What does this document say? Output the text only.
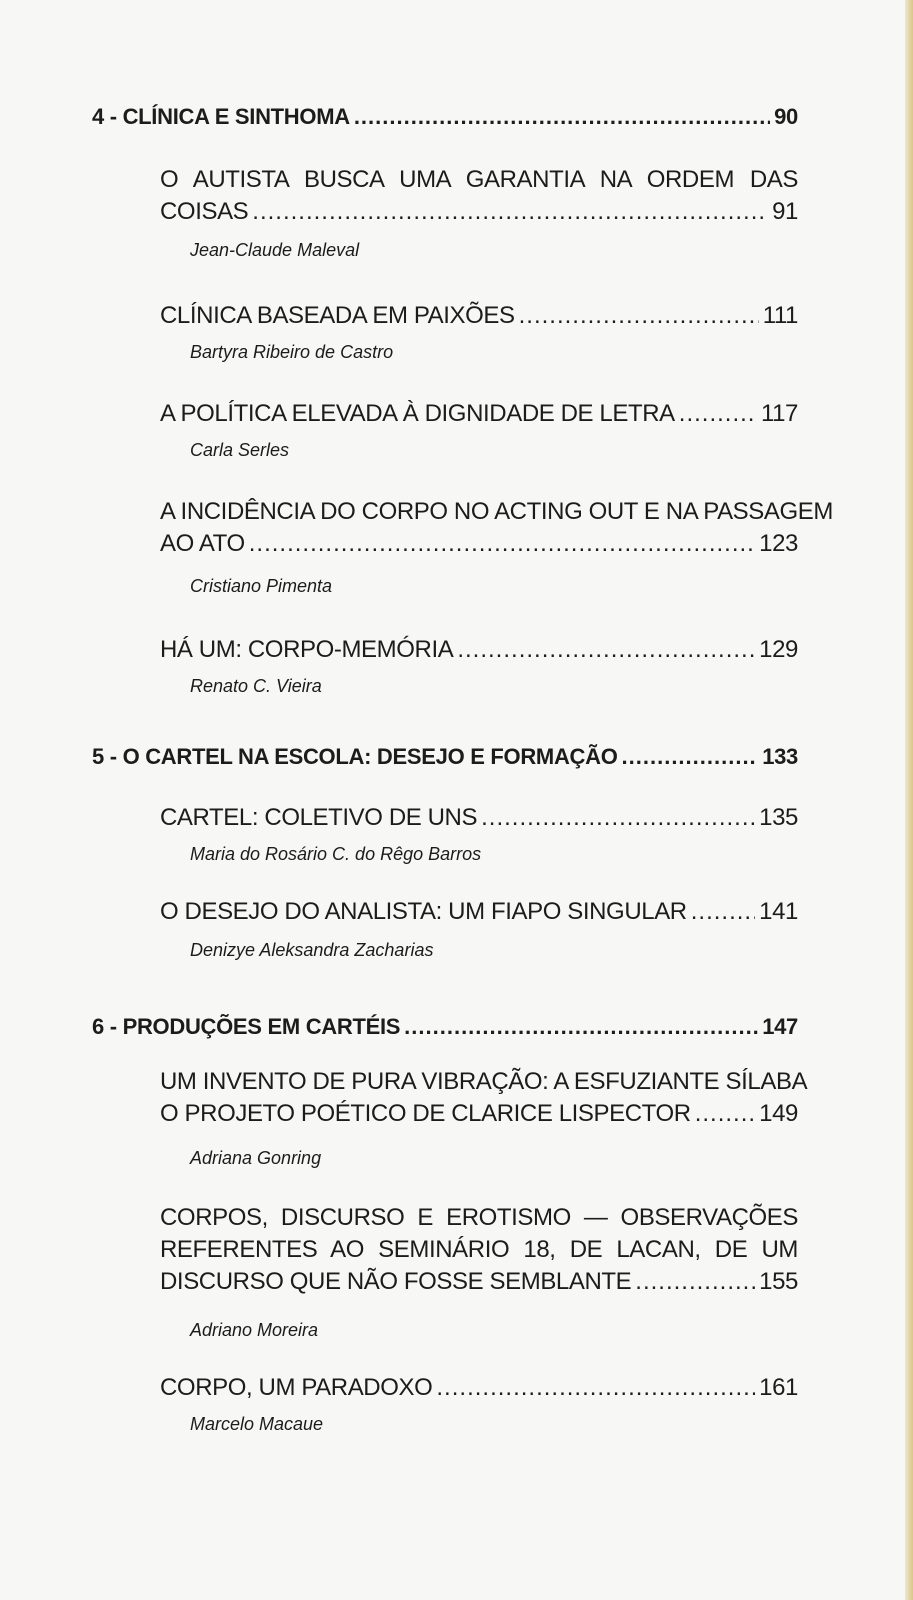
4 - CLÍNICA E SINTHOMA .....	90
O AUTISTA BUSCA UMA GARANTIA NA ORDEM DAS
COISAS .....	91
Jean-Claude Maleval
CLÍNICA BASEADA EM PAIXÕES .....	111
Bartyra Ribeiro de Castro
A POLÍTICA ELEVADA À DIGNIDADE DE LETRA .....	117
Carla Serles
A INCIDÊNCIA DO CORPO NO ACTING OUT E NA PASSAGEM
AO ATO .....	123
Cristiano Pimenta
HÁ UM: CORPO-MEMÓRIA .....	129
Renato C. Vieira
5 - O CARTEL NA ESCOLA: DESEJO E FORMAÇÃO .....	133
CARTEL: COLETIVO DE UNS .....	135
Maria do Rosário C. do Rêgo Barros
O DESEJO DO ANALISTA: UM FIAPO SINGULAR .....	141
Denizye Aleksandra Zacharias
6 - PRODUÇÕES EM CARTÉIS .....	147
UM INVENTO DE PURA VIBRAÇÃO: A ESFUZIANTE SÍLABA
O PROJETO POÉTICO DE CLARICE LISPECTOR .....	149
Adriana Gonring
CORPOS, DISCURSO E EROTISMO — OBSERVAÇÕES
REFERENTES AO SEMINÁRIO 18, DE LACAN, DE UM
DISCURSO QUE NÃO FOSSE SEMBLANTE .....	155
Adriano Moreira
CORPO, UM PARADOXO .....	161
Marcelo Macaue
